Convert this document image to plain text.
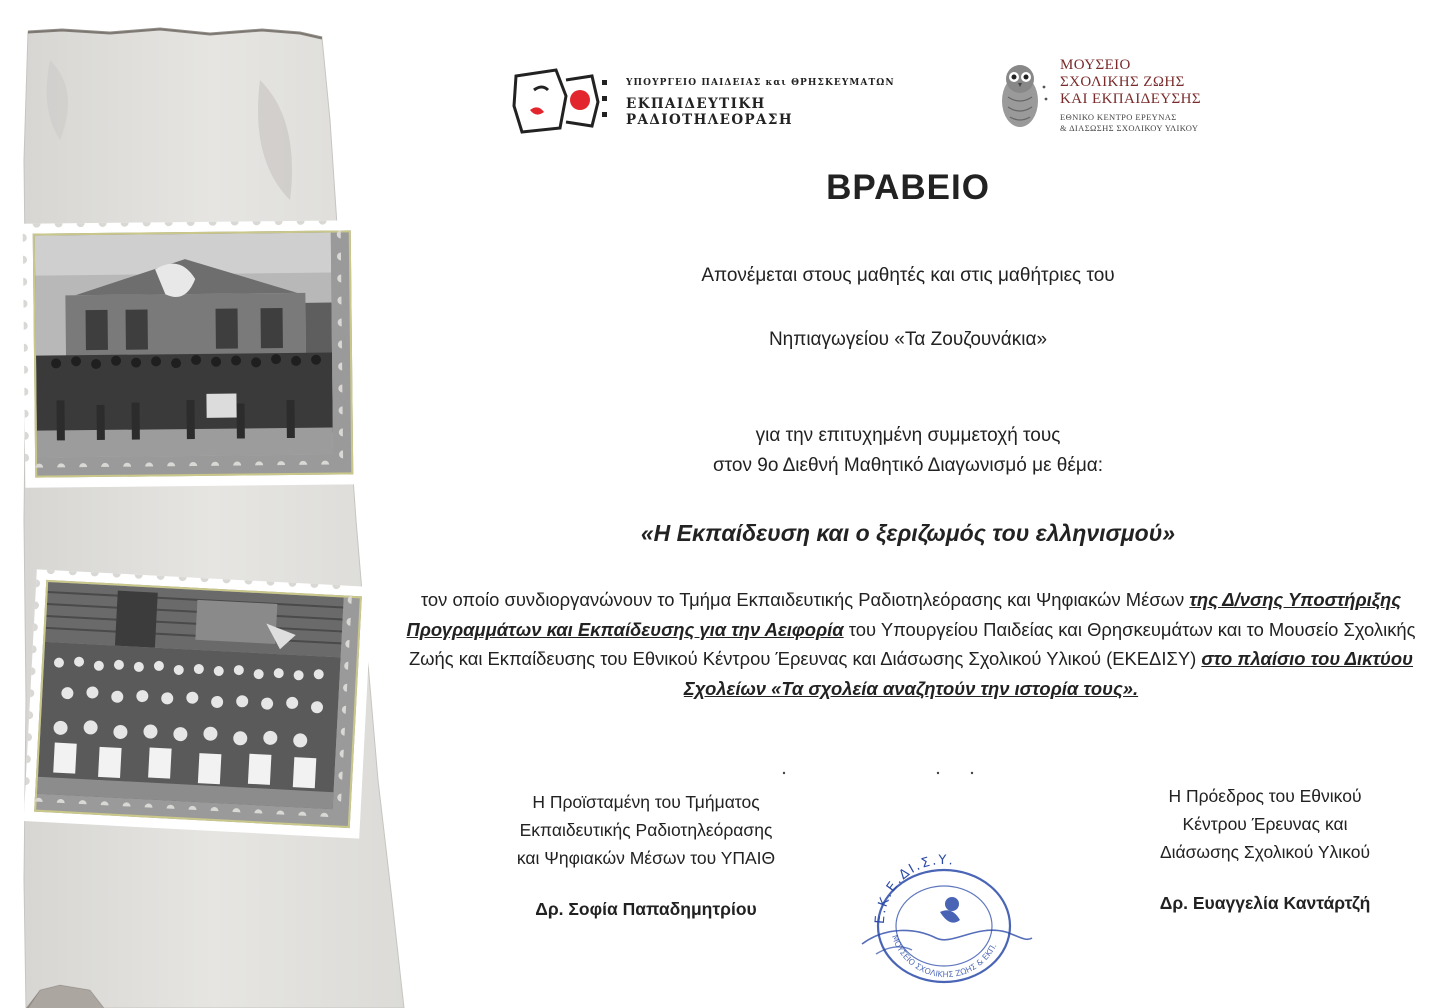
ΥΠΟΥΡΓΕΙΟ ΠΑΙΔΕΙΑΣ και ΘΡΗΣΚΕΥΜΑΤΩΝ
ΕΚΠΑΙΔΕΥΤΙΚΗ ΡΑΔΙΟΤΗΛΕΟΡΑΣΗ
ΜΟΥΣΕΙΟ
ΣΧΟΛΙΚΗΣ ΖΩΗΣ
ΚΑΙ ΕΚΠΑΙΔΕΥΣΗΣ
ΕΘΝΙΚΟ ΚΕΝΤΡΟ ΕΡΕΥΝΑΣ
& ΔΙΑΣΩΣΗΣ ΣΧΟΛΙΚΟΥ ΥΛΙΚΟΥ
ΒΡΑΒΕΙΟ
Απονέμεται στους μαθητές και στις μαθήτριες του
Νηπιαγωγείου «Τα Ζουζουνάκια»
για την επιτυχημένη συμμετοχή τους
στον 9ο Διεθνή Μαθητικό Διαγωνισμό με θέμα:
«Η Εκπαίδευση και ο ξεριζωμός του ελληνισμού»
τον οποίο συνδιοργανώνουν το Τμήμα Εκπαιδευτικής Ραδιοτηλεόρασης και Ψηφιακών Μέσων της Δ/νσης Υποστήριξης Προγραμμάτων και Εκπαίδευσης για την Αειφορία του Υπουργείου Παιδείας και Θρησκευμάτων και το Μουσείο Σχολικής Ζωής και Εκπαίδευσης του Εθνικού Κέντρου Έρευνας και Διάσωσης Σχολικού Υλικού (ΕΚΕΔΙΣΥ) στο πλαίσιο του Δικτύου Σχολείων «Τα σχολεία αναζητούν την ιστορία τους».
Η Προϊσταμένη του Τμήματος
Εκπαιδευτικής Ραδιοτηλεόρασης
και Ψηφιακών Μέσων του ΥΠΑΙΘ
Δρ. Σοφία Παπαδημητρίου
Η Πρόεδρος του Εθνικού
Κέντρου Έρευνας και
Διάσωσης Σχολικού Υλικού
Δρ. Ευαγγελία Καντάρτζή
Ε.Κ.Ε.ΔΙ.Σ.Υ.
ΜΟΥΣΕΙΟ ΣΧΟΛΙΚΗΣ ΖΩΗΣ & ΕΚΠ.
